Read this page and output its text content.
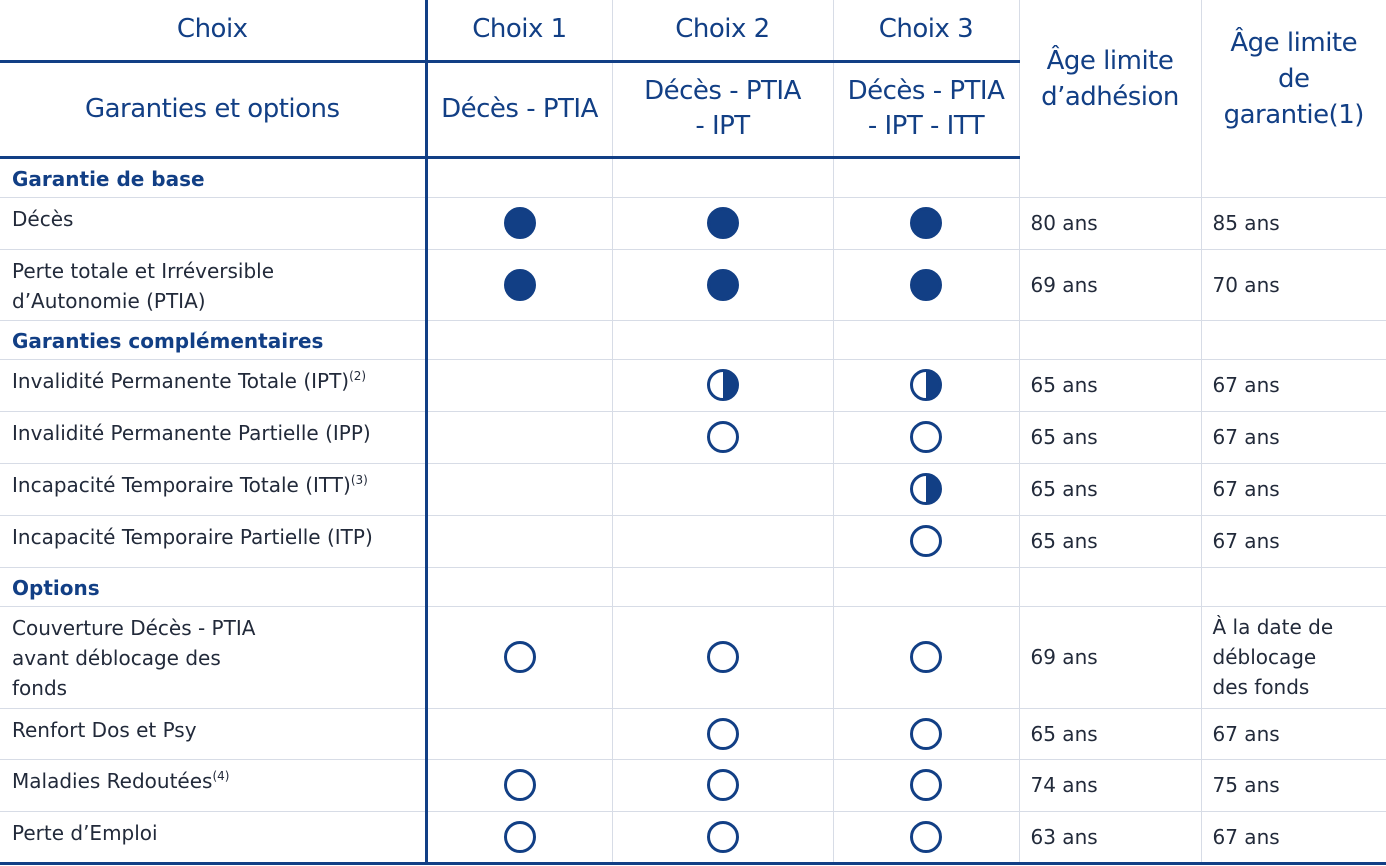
Choix	Choix 1	Choix 2	Choix 3	Âge limite d’adhésion	Âge limite de garantie(1)
Garanties et options	Décès - PTIA	Décès - PTIA - IPT	Décès - PTIA - IPT - ITT		
Garantie de base					
Décès				80 ans	85 ans
Perte totale et Irréversible d’Autonomie (PTIA)				69 ans	70 ans
Garanties complémentaires					
Invalidité Permanente Totale (IPT)$^{(2)}$				65 ans	67 ans
Invalidité Permanente Partielle (IPP)				65 ans	67 ans
Incapacité Temporaire Totale (ITT)$^{(3)}$				65 ans	67 ans
Incapacité Temporaire Partielle (ITP)				65 ans	67 ans
Options					
Couverture Décès - PTIA avant déblocage des fonds				69 ans	À la date de déblocage des fonds
Renfort Dos et Psy				65 ans	67 ans
Maladies Redoutées$^{(4)}$				74 ans	75 ans
Perte d’Emploi				63 ans	67 ans
